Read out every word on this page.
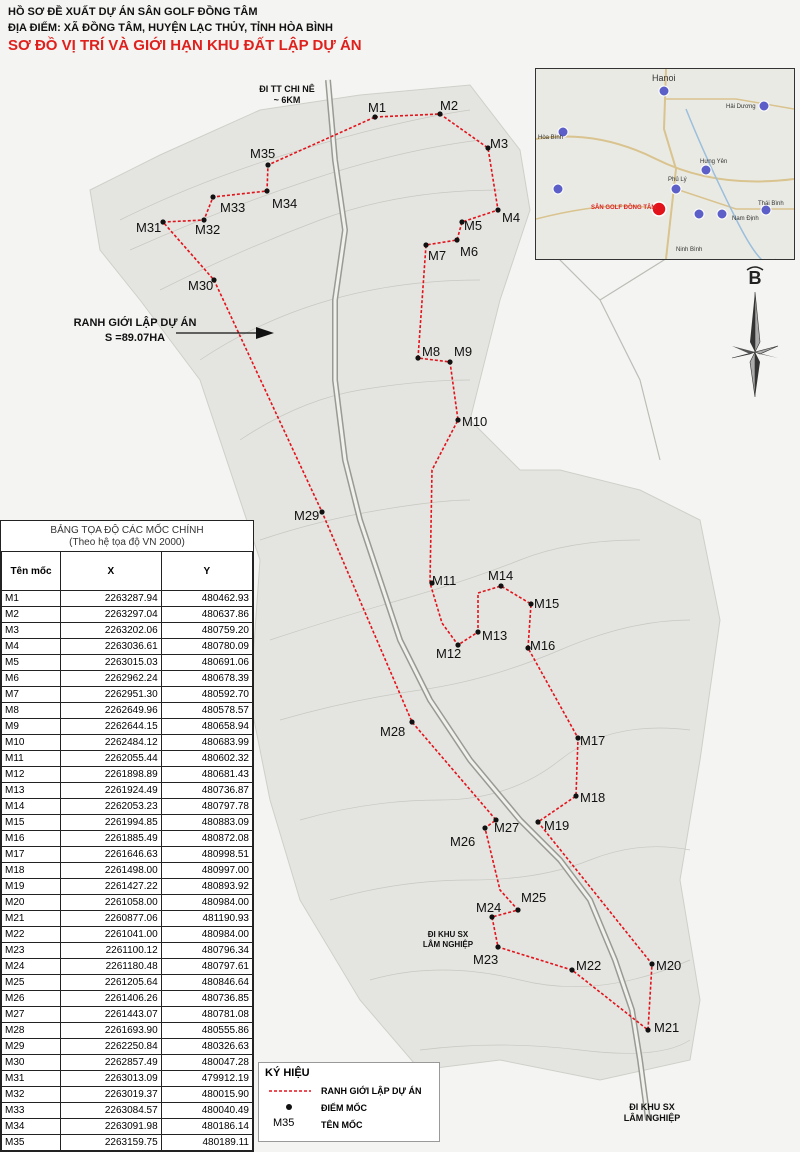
M1	M2
M3
M4
M5
M6
M7
M8 M9
M10
M11
M12
M13
M14
M15
M16
M17
M18
M19
M20
M21
M22
M23
M24
M25
M26
M27
M28
M29
M30
M31	M32
M33 M34
M35
HỒ SƠ ĐỀ XUẤT DỰ ÁN SÂN GOLF ĐỒNG TÂM
ĐỊA ĐIỂM: XÃ ĐỒNG TÂM, HUYỆN LẠC THỦY, TỈNH HÒA BÌNH
SƠ ĐỒ VỊ TRÍ VÀ GIỚI HẠN KHU ĐẤT LẬP DỰ ÁN
ĐI TT CHI NÊ
~ 6KM
RANH GIỚI LẬP DỰ ÁN
S =89.07HA
ĐI KHU SX
LÂM NGHIỆP
ĐI KHU SX
LÂM NGHIỆP
Hanoi
SÂN GOLF ĐỒNG TÂM
Hòa Bình
Hải Dương
Phủ Lý
Hưng Yên
Nam Định
Thái Bình
Ninh Bình
B
BẢNG TỌA ĐỘ CÁC MỐC CHÍNH
(Theo hệ tọa độ VN 2000)
Tên mốc	X	Y
M1	2263287.94	480462.93
M2	2263297.04	480637.86
M3	2263202.06	480759.20
M4	2263036.61	480780.09
M5	2263015.03	480691.06
M6	2262962.24	480678.39
M7	2262951.30	480592.70
M8	2262649.96	480578.57
M9	2262644.15	480658.94
M10	2262484.12	480683.99
M11	2262055.44	480602.32
M12	2261898.89	480681.43
M13	2261924.49	480736.87
M14	2262053.23	480797.78
M15	2261994.85	480883.09
M16	2261885.49	480872.08
M17	2261646.63	480998.51
M18	2261498.00	480997.00
M19	2261427.22	480893.92
M20	2261058.00	480984.00
M21	2260877.06	481190.93
M22	2261041.00	480984.00
M23	2261100.12	480796.34
M24	2261180.48	480797.61
M25	2261205.64	480846.64
M26	2261406.26	480736.85
M27	2261443.07	480781.08
M28	2261693.90	480555.86
M29	2262250.84	480326.63
M30	2262857.49	480047.28
M31	2263013.09	479912.19
M32	2263019.37	480015.90
M33	2263084.57	480040.49
M34	2263091.98	480186.14
M35	2263159.75	480189.11
KÝ HIỆU
M35
RANH GIỚI LẬP DỰ ÁN
ĐIỂM MỐC
TÊN MỐC
